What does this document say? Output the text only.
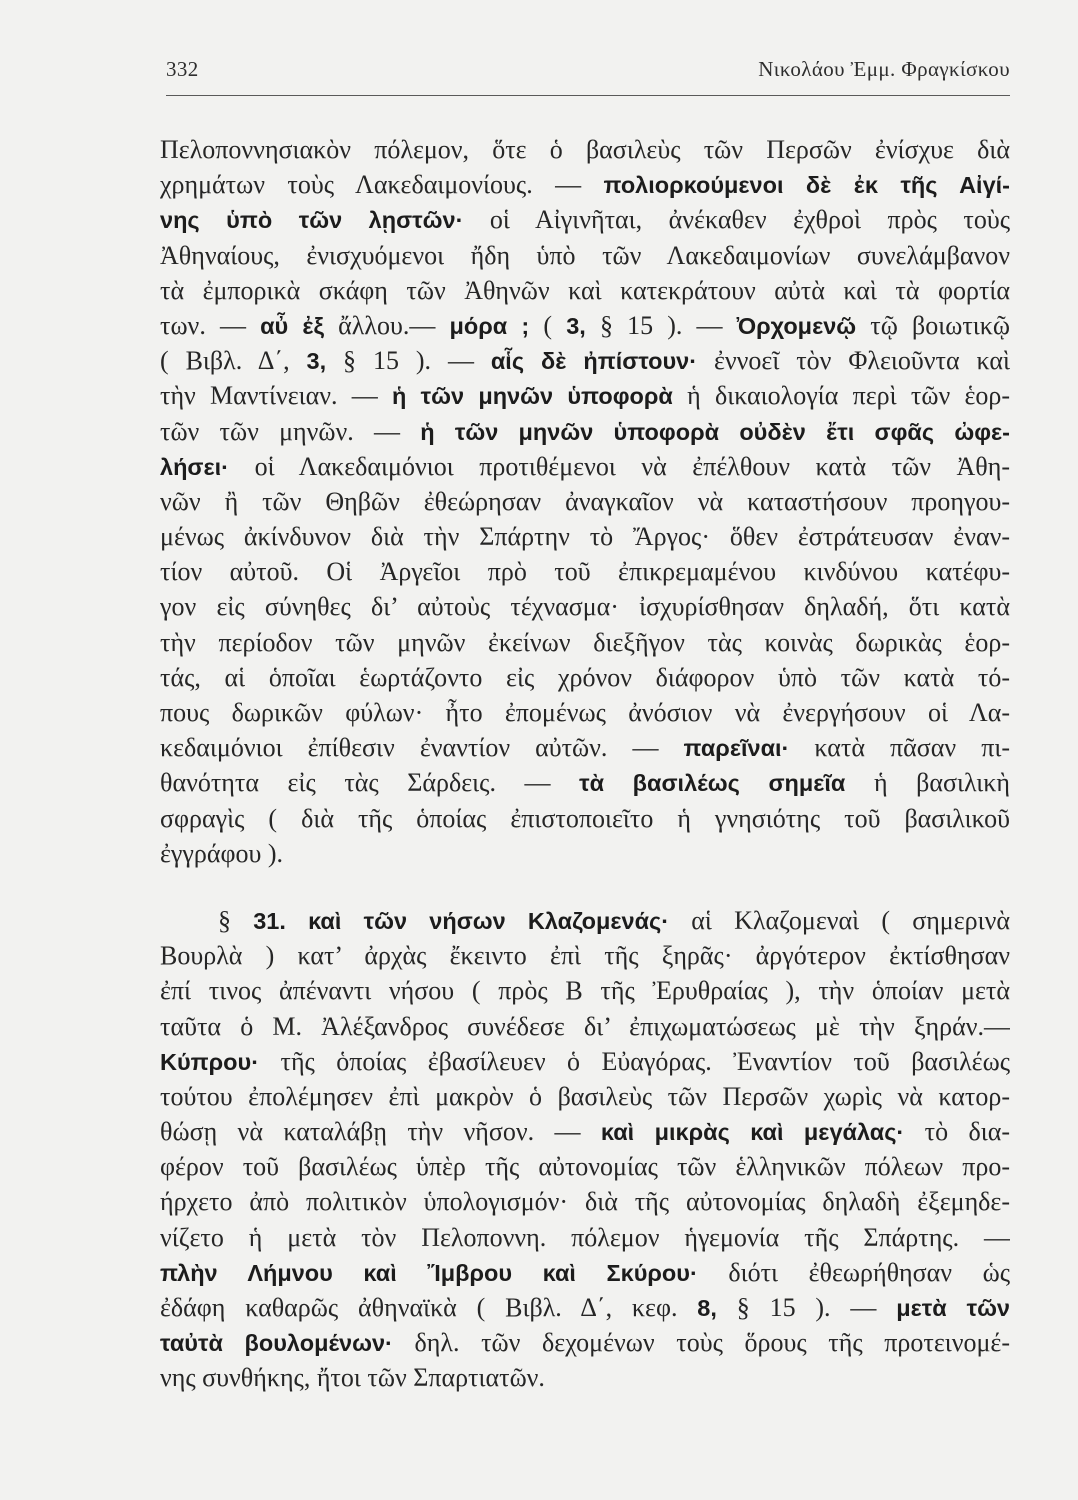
332	Νικολάου Ἐμμ. Φραγκίσκου
Πελοποννησιακὸν πόλεμον, ὅτε ὁ βασιλεὺς τῶν Περσῶν ἐνίσχυε διὰ
χρημάτων τοὺς Λακεδαιμονίους. — πολιορκούμενοι δὲ ἐκ τῆς Αἰγί-
νης ὑπὸ τῶν λῃστῶν· οἱ Αἰγινῆται, ἀνέκαθεν ἐχθροὶ πρὸς τοὺς
Ἀθηναίους, ἐνισχυόμενοι ἤδη ὑπὸ τῶν Λακεδαιμονίων συνελάμβανον
τὰ ἐμπορικὰ σκάφη τῶν Ἀθηνῶν καὶ κατεκράτουν αὐτὰ καὶ τὰ φορτία
των. — αὖ ἐξ ἄλλου.— μόρα ; ( 3, § 15 ). — Ὀρχομενῷ τῷ βοιωτικῷ
( Βιβλ. Δ΄, 3, § 15 ). — αἷς δὲ ἠπίστουν· ἐννοεῖ τὸν Φλειοῦντα καὶ
τὴν Μαντίνειαν. — ἡ τῶν μηνῶν ὑποφορὰ ἡ δικαιολογία περὶ τῶν ἑορ-
τῶν τῶν μηνῶν. — ἡ τῶν μηνῶν ὑποφορὰ οὐδὲν ἔτι σφᾶς ὠφε-
λήσει· οἱ Λακεδαιμόνιοι προτιθέμενοι νὰ ἐπέλθουν κατὰ τῶν Ἀθη-
νῶν ἢ τῶν Θηβῶν ἐθεώρησαν ἀναγκαῖον νὰ καταστήσουν προηγου-
μένως ἀκίνδυνον διὰ τὴν Σπάρτην τὸ Ἄργος· ὅθεν ἐστράτευσαν ἐναν-
τίον αὐτοῦ. Οἱ Ἀργεῖοι πρὸ τοῦ ἐπικρεμαμένου κινδύνου κατέφυ-
γον εἰς σύνηθες δι’ αὐτοὺς τέχνασμα· ἰσχυρίσθησαν δηλαδή, ὅτι κατὰ
τὴν περίοδον τῶν μηνῶν ἐκείνων διεξῆγον τὰς κοινὰς δωρικὰς ἑορ-
τάς, αἱ ὁποῖαι ἑωρτάζοντο εἰς χρόνον διάφορον ὑπὸ τῶν κατὰ τό-
πους δωρικῶν φύλων· ἦτο ἐπομένως ἀνόσιον νὰ ἐνεργήσουν οἱ Λα-
κεδαιμόνιοι ἐπίθεσιν ἐναντίον αὐτῶν. — παρεῖναι· κατὰ πᾶσαν πι-
θανότητα εἰς τὰς Σάρδεις. — τὰ βασιλέως σημεῖα ἡ βασιλικὴ
σφραγὶς ( διὰ τῆς ὁποίας ἐπιστοποιεῖτο ἡ γνησιότης τοῦ βασιλικοῦ
ἐγγράφου ).
§ 31. καὶ τῶν νήσων Κλαζομενάς· αἱ Κλαζομεναὶ ( σημερινὰ
Βουρλὰ ) κατ’ ἀρχὰς ἔκειντο ἐπὶ τῆς ξηρᾶς· ἀργότερον ἐκτίσθησαν
ἐπί τινος ἀπέναντι νήσου ( πρὸς Β τῆς Ἐρυθραίας ), τὴν ὁποίαν μετὰ
ταῦτα ὁ Μ. Ἀλέξανδρος συνέδεσε δι’ ἐπιχωματώσεως μὲ τὴν ξηράν.—
Κύπρου· τῆς ὁποίας ἐβασίλευεν ὁ Εὐαγόρας. Ἐναντίον τοῦ βασιλέως
τούτου ἐπολέμησεν ἐπὶ μακρὸν ὁ βασιλεὺς τῶν Περσῶν χωρὶς νὰ κατορ-
θώσῃ νὰ καταλάβῃ τὴν νῆσον. — καὶ μικρὰς καὶ μεγάλας· τὸ δια-
φέρον τοῦ βασιλέως ὑπὲρ τῆς αὐτονομίας τῶν ἑλληνικῶν πόλεων προ-
ήρχετο ἀπὸ πολιτικὸν ὑπολογισμόν· διὰ τῆς αὐτονομίας δηλαδὴ ἐξεμηδε-
νίζετο ἡ μετὰ τὸν Πελοποννη. πόλεμον ἡγεμονία τῆς Σπάρτης. —
πλὴν Λήμνου καὶ Ἴμβρου καὶ Σκύρου· διότι ἐθεωρήθησαν ὡς
ἐδάφη καθαρῶς ἀθηναϊκὰ ( Βιβλ. Δ΄, κεφ. 8, § 15 ). — μετὰ τῶν
ταὐτὰ βουλομένων· δηλ. τῶν δεχομένων τοὺς ὅρους τῆς προτεινομέ-
νης συνθήκης, ἤτοι τῶν Σπαρτιατῶν.
